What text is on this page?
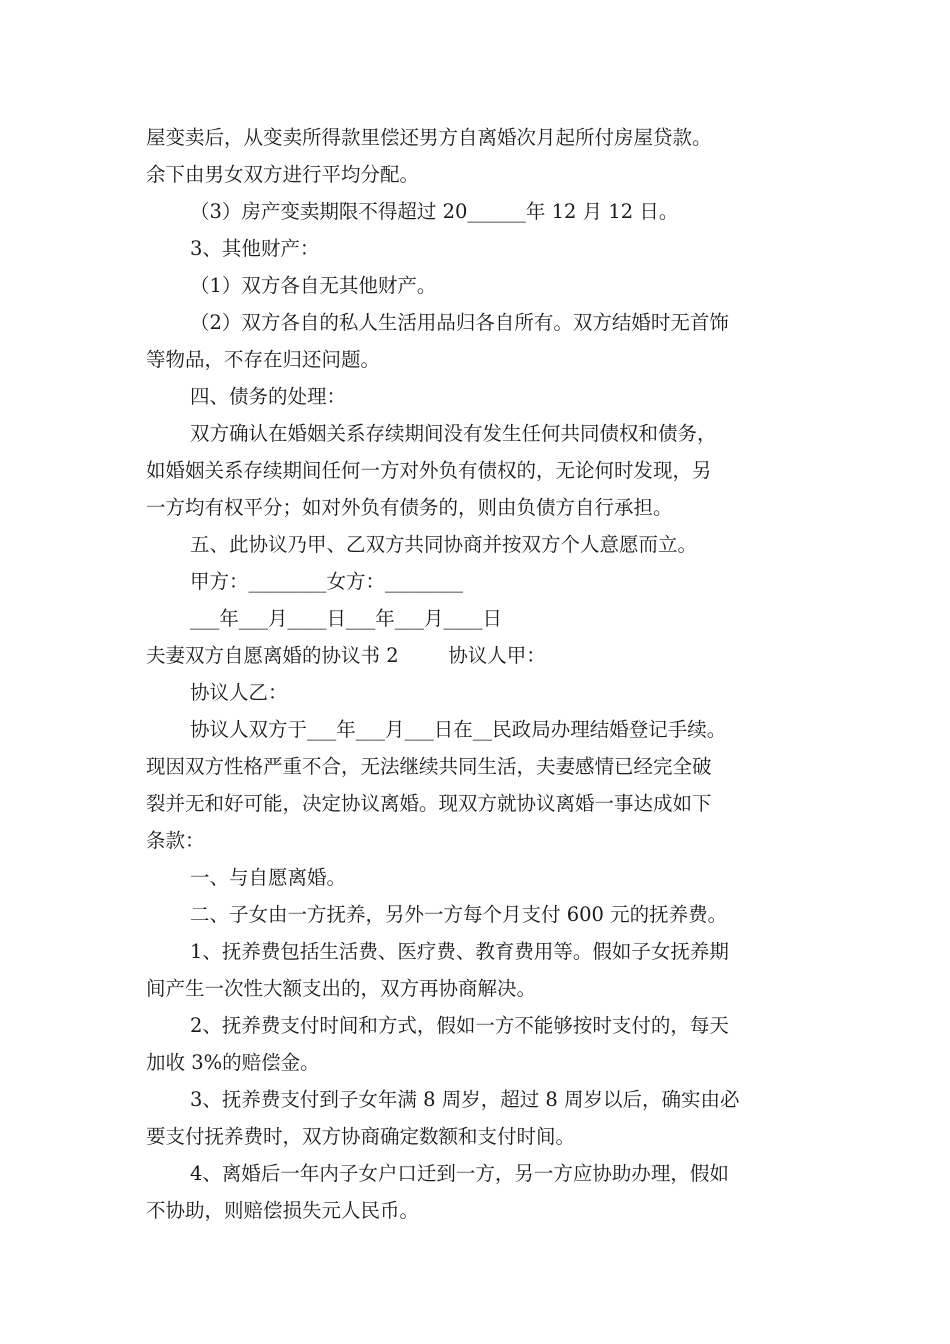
屋变卖后，从变卖所得款里偿还男方自离婚次月起所付房屋贷款。
余下由男女双方进行平均分配。
（3）房产变卖期限不得超过 20______年 12 月 12 日。
3、其他财产：
（1）双方各自无其他财产。
（2）双方各自的私人生活用品归各自所有。双方结婚时无首饰
等物品，不存在归还问题。
四、债务的处理：
双方确认在婚姻关系存续期间没有发生任何共同债权和债务，
如婚姻关系存续期间任何一方对外负有债权的，无论何时发现，另
一方均有权平分；如对外负有债务的，则由负债方自行承担。
五、此协议乃甲、乙双方共同协商并按双方个人意愿而立。
甲方：________女方：________
___年___月____日___年___月____日
夫妻双方自愿离婚的协议书 2        协议人甲：
协议人乙：
协议人双方于___年___月___日在__民政局办理结婚登记手续。
现因双方性格严重不合，无法继续共同生活，夫妻感情已经完全破
裂并无和好可能，决定协议离婚。现双方就协议离婚一事达成如下
条款：
一、与自愿离婚。
二、子女由一方抚养，另外一方每个月支付 600 元的抚养费。
1、抚养费包括生活费、医疗费、教育费用等。假如子女抚养期
间产生一次性大额支出的，双方再协商解决。
2、抚养费支付时间和方式，假如一方不能够按时支付的，每天
加收 3%的赔偿金。
3、抚养费支付到子女年满 8 周岁，超过 8 周岁以后，确实由必
要支付抚养费时，双方协商确定数额和支付时间。
4、离婚后一年内子女户口迁到一方，另一方应协助办理，假如
不协助，则赔偿损失元人民币。
